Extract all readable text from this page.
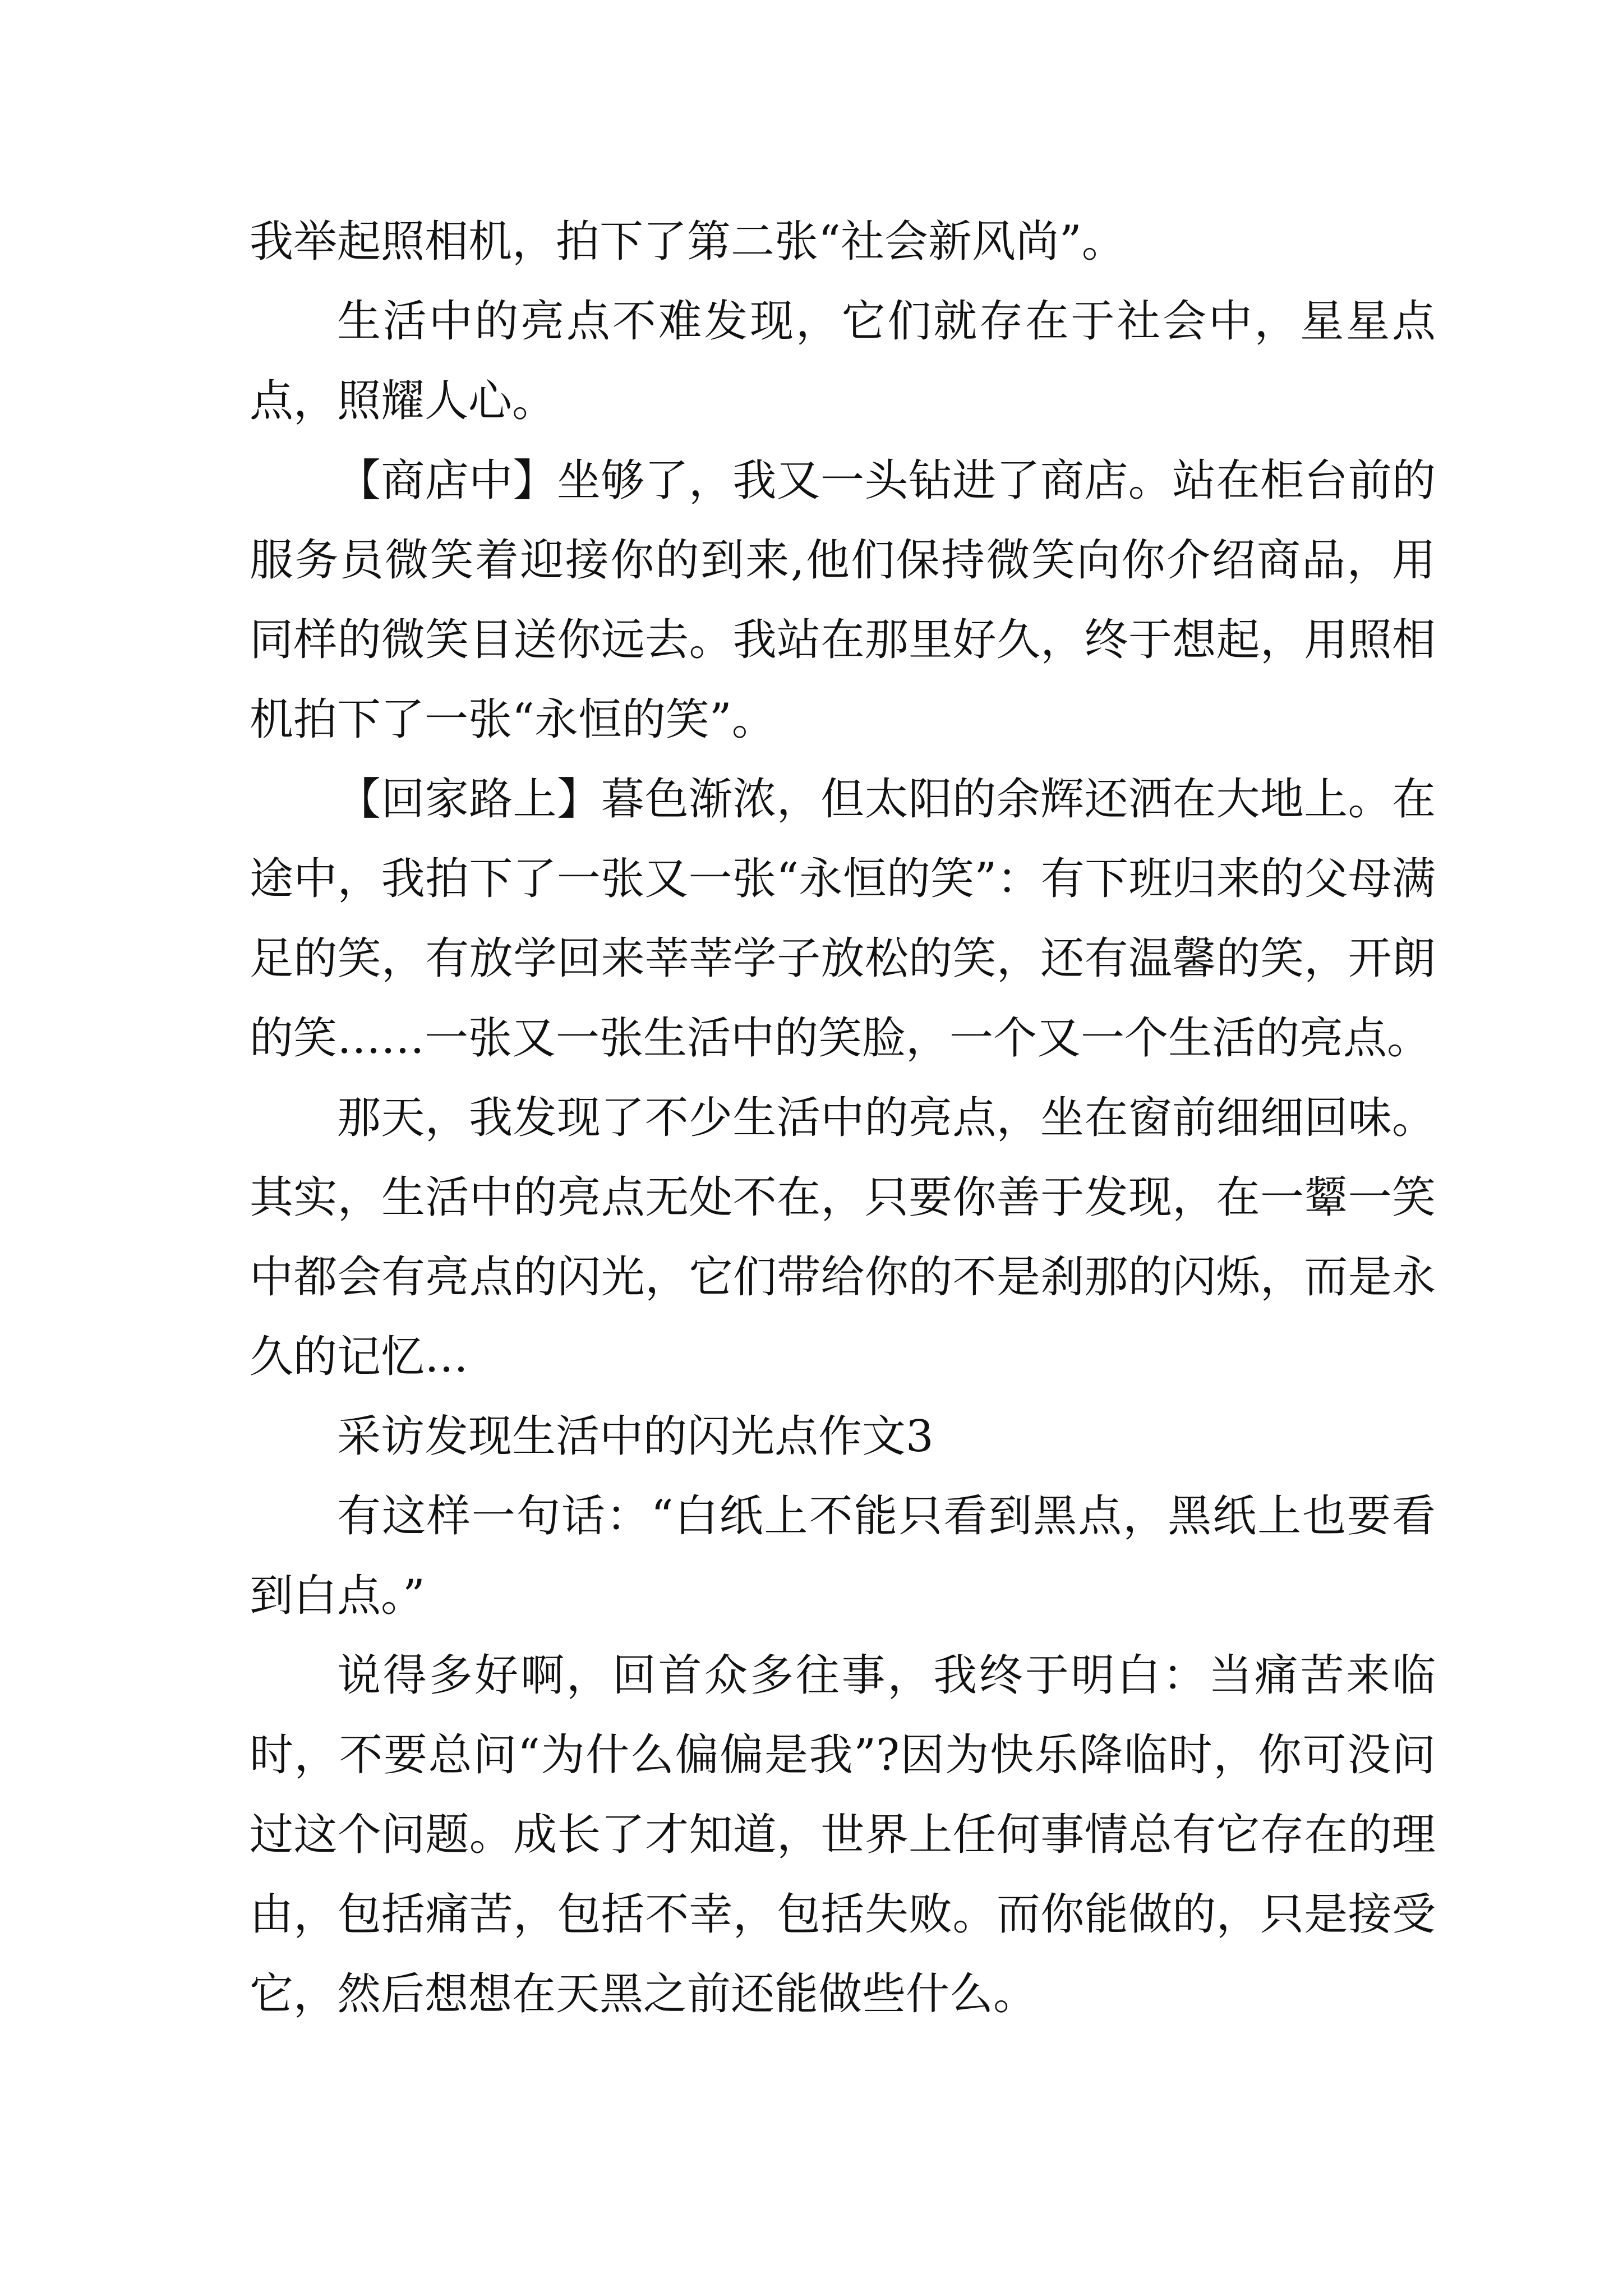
我举起照相机，拍下了第二张“社会新风尚”。

生活中的亮点不难发现，它们就存在于社会中，星星点点，照耀人心。

【商店中】坐够了，我又一头钻进了商店。站在柜台前的服务员微笑着迎接你的到来,他们保持微笑向你介绍商品，用同样的微笑目送你远去。我站在那里好久，终于想起，用照相机拍下了一张“永恒的笑”。

【回家路上】暮色渐浓，但太阳的余辉还洒在大地上。在途中，我拍下了一张又一张“永恒的笑”：有下班归来的父母满足的笑，有放学回来莘莘学子放松的笑，还有温馨的笑，开朗的笑……一张又一张生活中的笑脸，一个又一个生活的亮点。

那天，我发现了不少生活中的亮点，坐在窗前细细回味。其实，生活中的亮点无处不在，只要你善于发现，在一颦一笑中都会有亮点的闪光，它们带给你的不是刹那的闪烁，而是永久的记忆…

采访发现生活中的闪光点作文3

有这样一句话：“白纸上不能只看到黑点，黑纸上也要看到白点。”

说得多好啊，回首众多往事，我终于明白：当痛苦来临时，不要总问“为什么偏偏是我”?因为快乐降临时，你可没问过这个问题。成长了才知道，世界上任何事情总有它存在的理由，包括痛苦，包括不幸，包括失败。而你能做的，只是接受它，然后想想在天黑之前还能做些什么。
